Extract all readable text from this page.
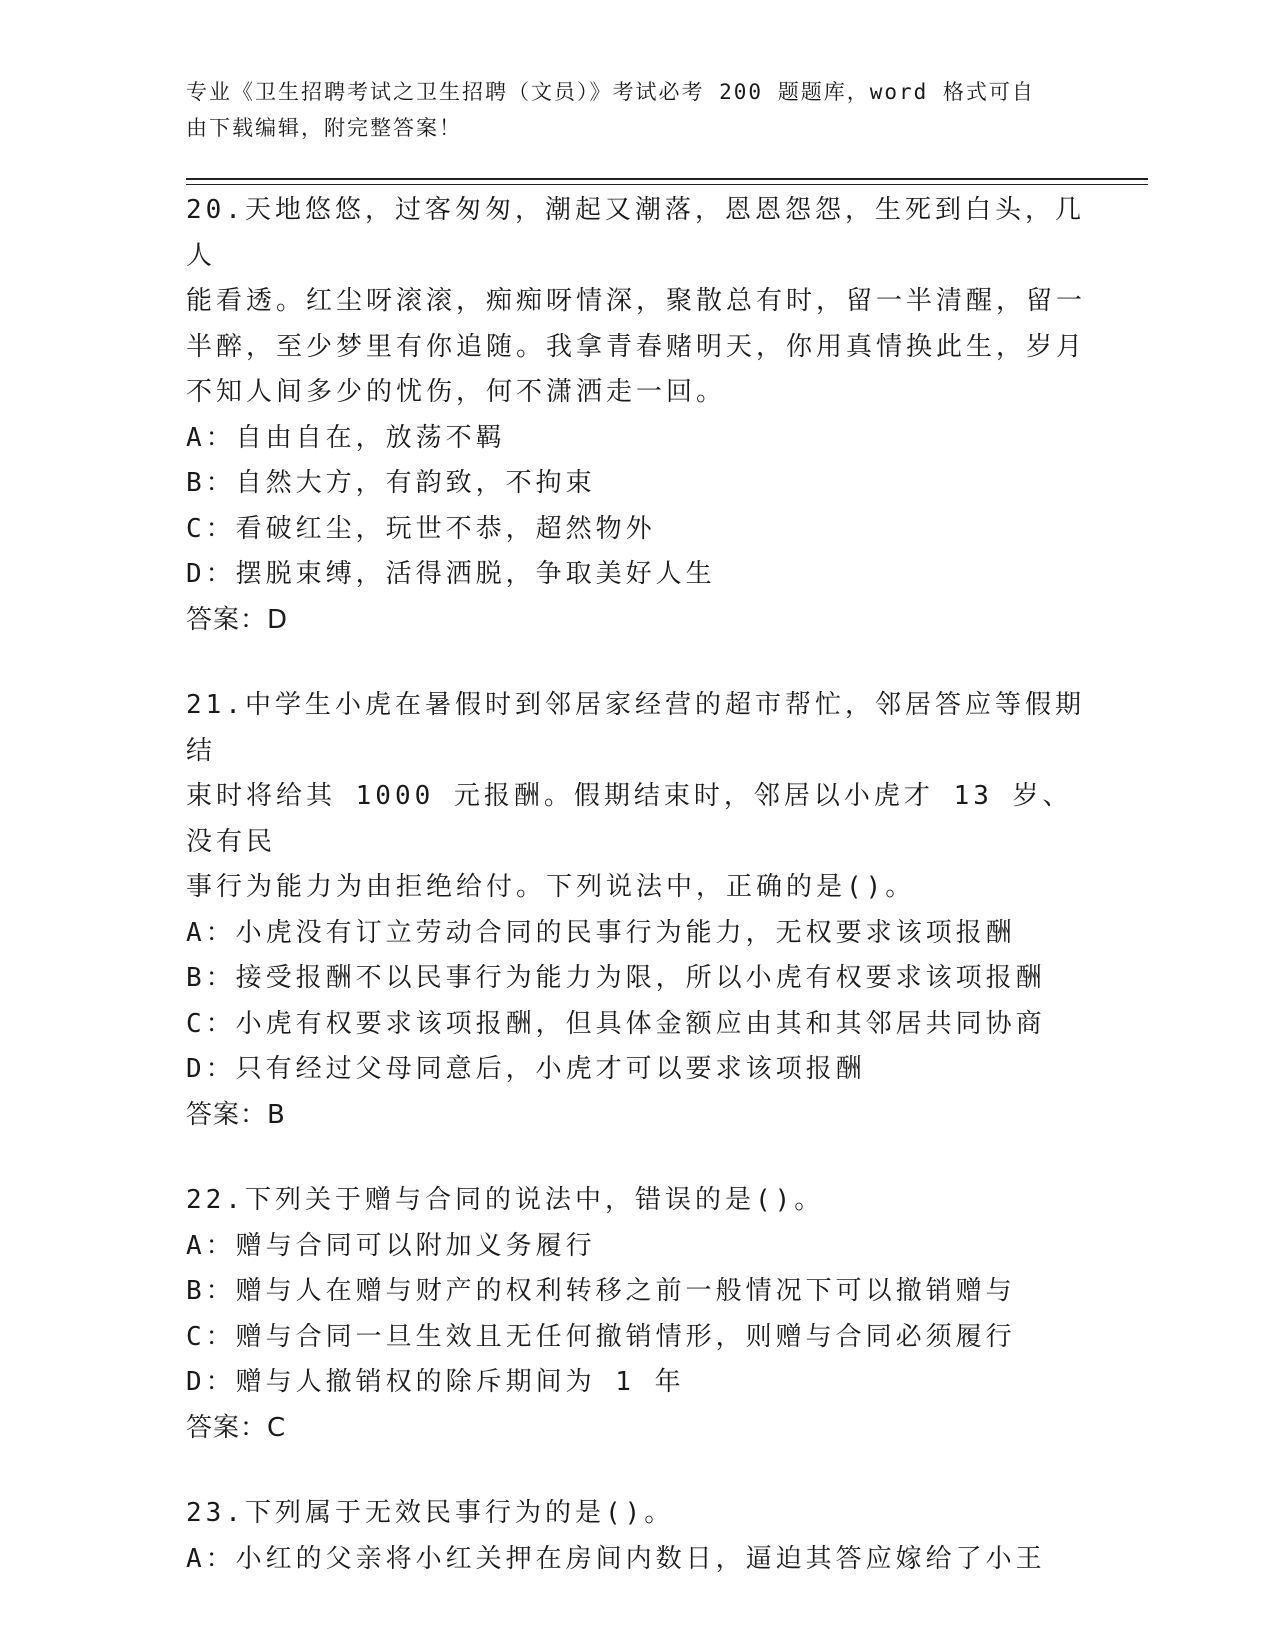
专业《卫生招聘考试之卫生招聘（文员）》考试必考 200 题题库，word 格式可自
由下载编辑，附完整答案！
20.天地悠悠，过客匆匆，潮起又潮落，恩恩怨怨，生死到白头，几人
能看透。红尘呀滚滚，痴痴呀情深，聚散总有时，留一半清醒，留一
半醉，至少梦里有你追随。我拿青春赌明天，你用真情换此生，岁月
不知人间多少的忧伤，何不潇洒走一回。
A：自由自在，放荡不羁
B：自然大方，有韵致，不拘束
C：看破红尘，玩世不恭，超然物外
D：摆脱束缚，活得洒脱，争取美好人生
答案：D
21.中学生小虎在暑假时到邻居家经营的超市帮忙，邻居答应等假期结
束时将给其 1000 元报酬。假期结束时，邻居以小虎才 13 岁、没有民
事行为能力为由拒绝给付。下列说法中，正确的是()。
A：小虎没有订立劳动合同的民事行为能力，无权要求该项报酬
B：接受报酬不以民事行为能力为限，所以小虎有权要求该项报酬
C：小虎有权要求该项报酬，但具体金额应由其和其邻居共同协商
D：只有经过父母同意后，小虎才可以要求该项报酬
答案：B
22.下列关于赠与合同的说法中，错误的是()。
A：赠与合同可以附加义务履行
B：赠与人在赠与财产的权利转移之前一般情况下可以撤销赠与
C：赠与合同一旦生效且无任何撤销情形，则赠与合同必须履行
D：赠与人撤销权的除斥期间为 1 年
答案：C
23.下列属于无效民事行为的是()。
A：小红的父亲将小红关押在房间内数日，逼迫其答应嫁给了小王
